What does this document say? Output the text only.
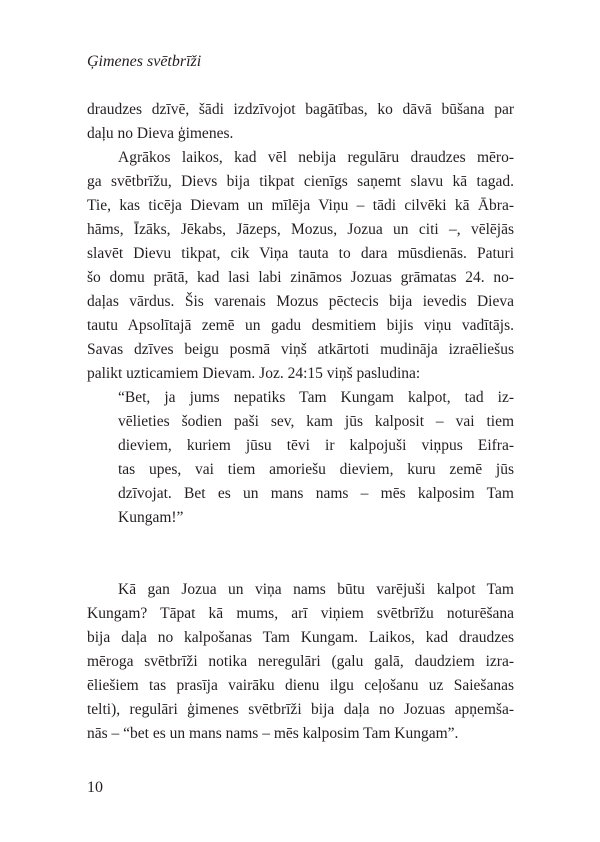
Ģimenes svētbrīži
draudzes dzīvē, šādi izdzīvojot bagātības, ko dāvā būšana par
daļu no Dieva ģimenes.
Agrākos laikos, kad vēl nebija regulāru draudzes mēro-
ga svētbrīžu, Dievs bija tikpat cienīgs saņemt slavu kā tagad.
Tie, kas ticēja Dievam un mīlēja Viņu – tādi cilvēki kā Ābra-
hāms, Īzāks, Jēkabs, Jāzeps, Mozus, Jozua un citi –, vēlējās
slavēt Dievu tikpat, cik Viņa tauta to dara mūsdienās. Paturi
šo domu prātā, kad lasi labi zināmos Jozuas grāmatas 24. no-
daļas vārdus. Šis varenais Mozus pēctecis bija ievedis Dieva
tautu Apsolītajā zemē un gadu desmitiem bijis viņu vadītājs.
Savas dzīves beigu posmā viņš atkārtoti mudināja izraēliešus
palikt uzticamiem Dievam. Joz. 24:15 viņš pasludina:
“Bet, ja jums nepatiks Tam Kungam kalpot, tad iz-
vēlieties šodien paši sev, kam jūs kalposit – vai tiem
dieviem, kuriem jūsu tēvi ir kalpojuši viņpus Eifra-
tas upes, vai tiem amoriešu dieviem, kuru zemē jūs
dzīvojat. Bet es un mans nams – mēs kalposim Tam
Kungam!”
Kā gan Jozua un viņa nams būtu varējuši kalpot Tam
Kungam? Tāpat kā mums, arī viņiem svētbrīžu noturēšana
bija daļa no kalpošanas Tam Kungam. Laikos, kad draudzes
mēroga svētbrīži notika neregulāri (galu galā, daudziem izra-
ēliešiem tas prasīja vairāku dienu ilgu ceļošanu uz Saiešanas
telti), regulāri ģimenes svētbrīži bija daļa no Jozuas apņemša-
nās – “bet es un mans nams – mēs kalposim Tam Kungam”.
10
